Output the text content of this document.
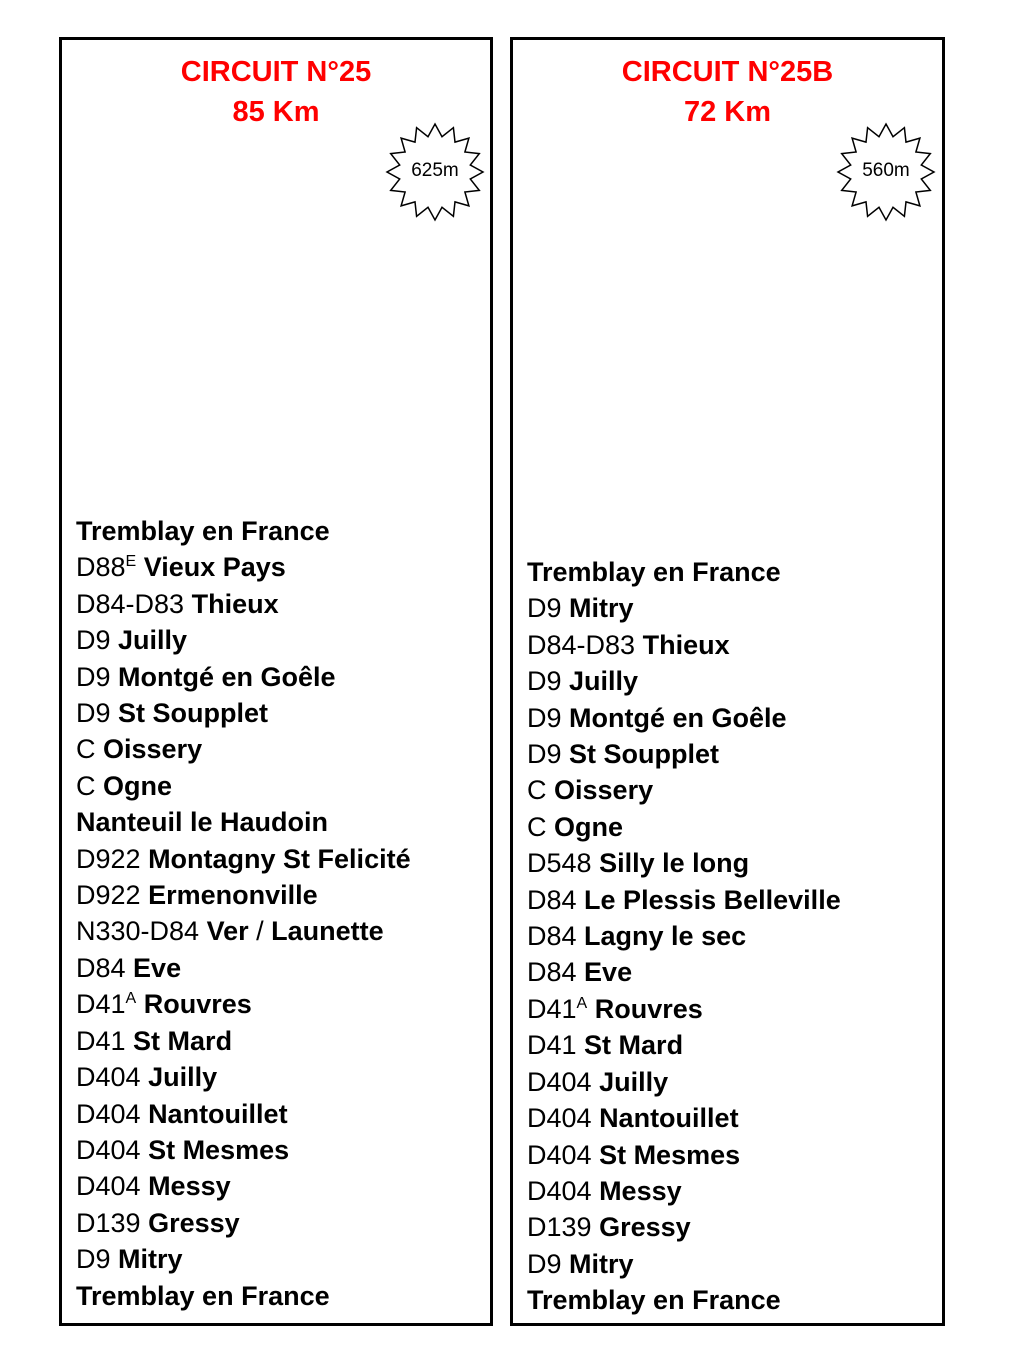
CIRCUIT N°25
85 Km
625m
Tremblay en France
$D88^E$ Vieux Pays
D84-D83 Thieux
D9 Juilly
D9 Montgé en Goêle
D9 St Soupplet
C Oissery
C Ogne
Nanteuil le Haudoin
D922 Montagny St Felicité
D922 Ermenonville
N330-D84 Ver / Launette
D84 Eve
$D41^A$ Rouvres
D41 St Mard
D404 Juilly
D404 Nantouillet
D404 St Mesmes
D404 Messy
D139 Gressy
D9 Mitry
Tremblay en France
CIRCUIT N°25B
72 Km
560m
Tremblay en France
D9 Mitry
D84-D83 Thieux
D9 Juilly
D9 Montgé en Goêle
D9 St Soupplet
C Oissery
C Ogne
D548 Silly le long
D84 Le Plessis Belleville
D84 Lagny le sec
D84 Eve
$D41^A$ Rouvres
D41 St Mard
D404 Juilly
D404 Nantouillet
D404 St Mesmes
D404 Messy
D139 Gressy
D9 Mitry
Tremblay en France
